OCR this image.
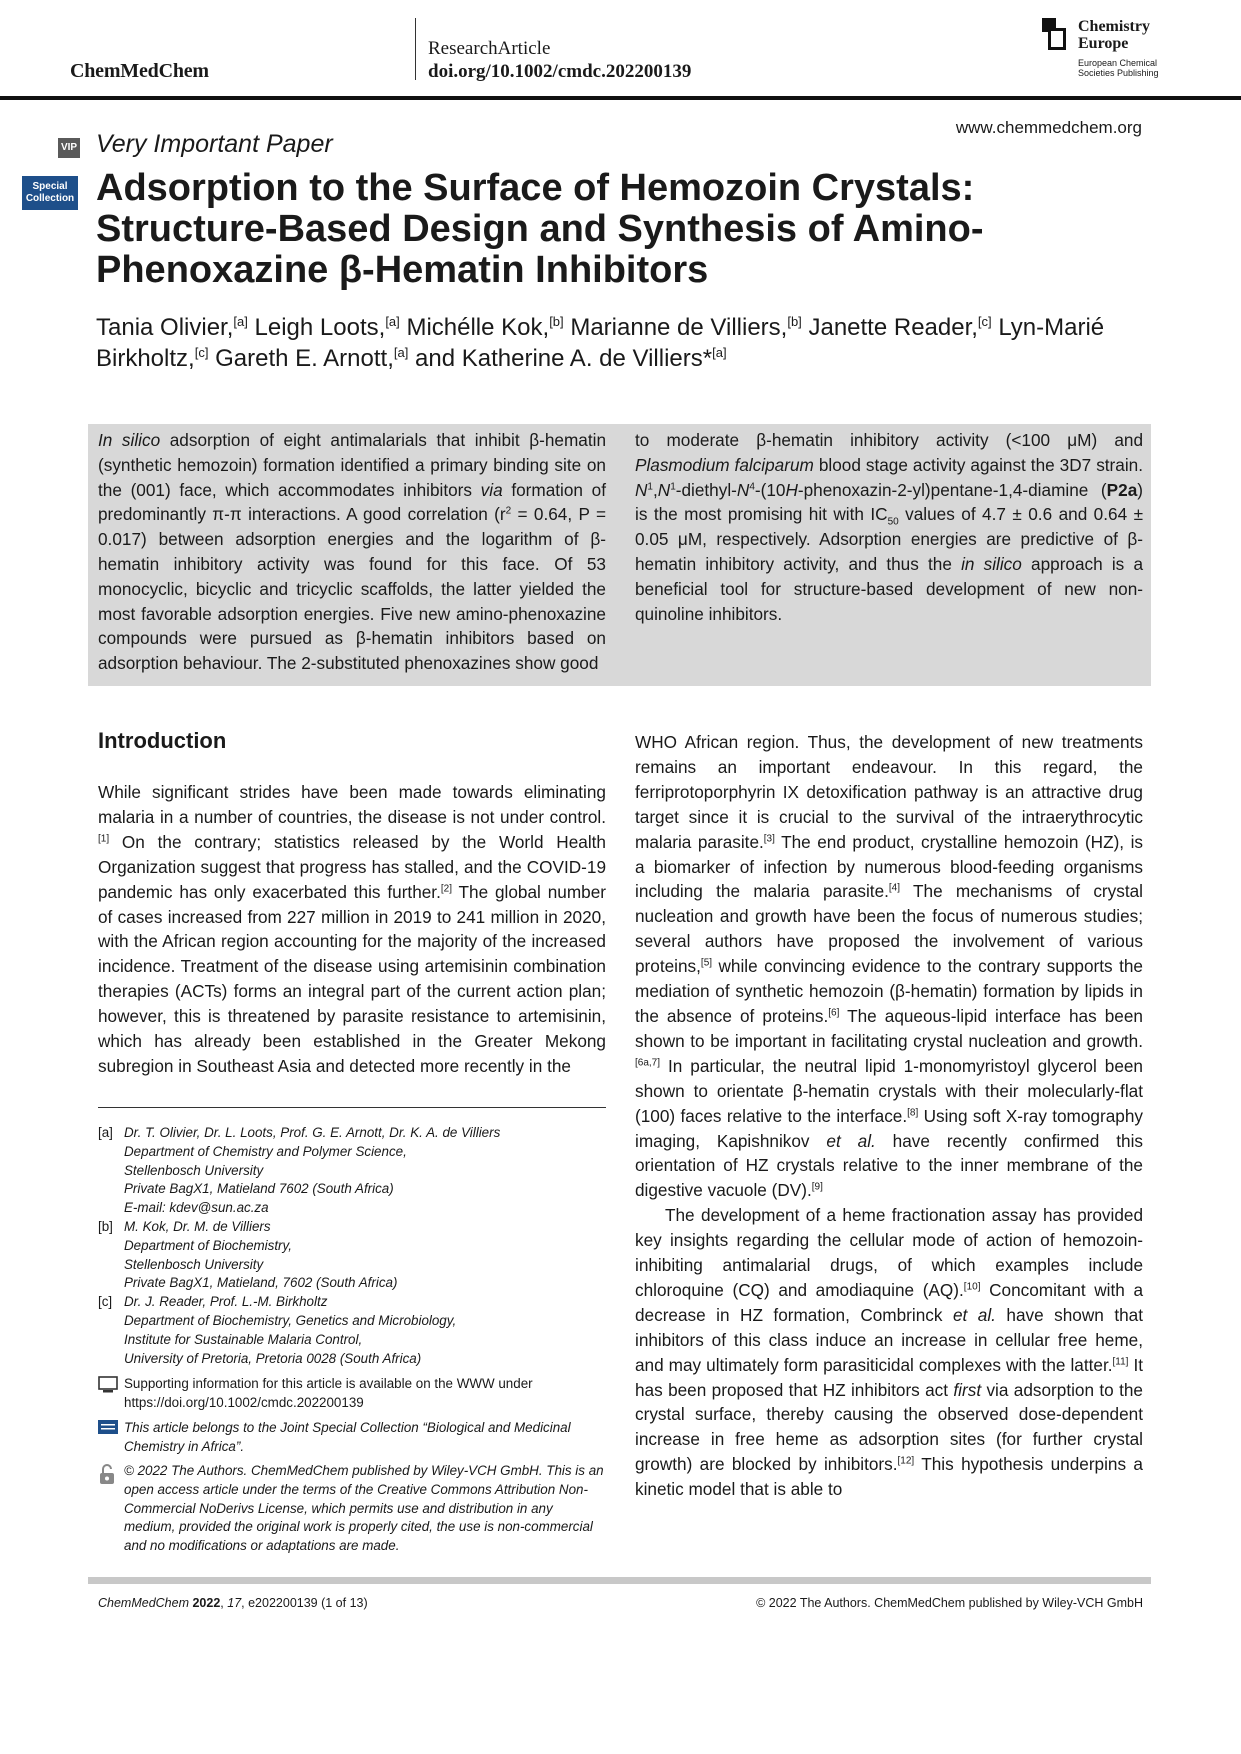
ChemMedChem
ResearchArticle
doi.org/10.1002/cmdc.202200139
Chemistry
Europe
European Chemical
Societies Publishing
www.chemmedchem.org
VIP Very Important Paper
Special
Collection Adsorption to the Surface of Hemozoin Crystals: Structure-Based Design and Synthesis of Amino-Phenoxazine β-Hematin Inhibitors
Tania Olivier,[a] Leigh Loots,[a] Michélle Kok,[b] Marianne de Villiers,[b] Janette Reader,[c] Lyn-Marié Birkholtz,[c] Gareth E. Arnott,[a] and Katherine A. de Villiers*[a]
In silico adsorption of eight antimalarials that inhibit β-hematin (synthetic hemozoin) formation identified a primary binding site on the (001) face, which accommodates inhibitors via formation of predominantly π-π interactions. A good correlation ($r^2 = 0.64$, P = 0.017) between adsorption energies and the logarithm of β-hematin inhibitory activity was found for this face. Of 53 monocyclic, bicyclic and tricyclic scaffolds, the latter yielded the most favorable adsorption energies. Five new amino-phenoxazine compounds were pursued as β-hematin inhibitors based on adsorption behaviour. The 2-substituted phenoxazines show good
to moderate β-hematin inhibitory activity (<100 μM) and Plasmodium falciparum blood stage activity against the 3D7 strain. $N^1,N^1-diethyl-N^4-(10H-phenoxazin-2-yl)pentane-1,4$-diamine (P2a) is the most promising hit with $IC_{50}$ values of 4.7 ± 0.6 and 0.64 ± 0.05 μM, respectively. Adsorption energies are predictive of β-hematin inhibitory activity, and thus the in silico approach is a beneficial tool for structure-based development of new non-quinoline inhibitors.
Introduction
While significant strides have been made towards eliminating malaria in a number of countries, the disease is not under control.[1] On the contrary; statistics released by the World Health Organization suggest that progress has stalled, and the COVID-19 pandemic has only exacerbated this further.[2] The global number of cases increased from 227 million in 2019 to 241 million in 2020, with the African region accounting for the majority of the increased incidence. Treatment of the disease using artemisinin combination therapies (ACTs) forms an integral part of the current action plan; however, this is threatened by parasite resistance to artemisinin, which has already been established in the Greater Mekong subregion in Southeast Asia and detected more recently in the
WHO African region. Thus, the development of new treatments remains an important endeavour. In this regard, the ferriprotoporphyrin IX detoxification pathway is an attractive drug target since it is crucial to the survival of the intraerythrocytic malaria parasite.[3] The end product, crystalline hemozoin (HZ), is a biomarker of infection by numerous blood-feeding organisms including the malaria parasite.[4] The mechanisms of crystal nucleation and growth have been the focus of numerous studies; several authors have proposed the involvement of various proteins,[5] while convincing evidence to the contrary supports the mediation of synthetic hemozoin (β-hematin) formation by lipids in the absence of proteins.[6] The aqueous-lipid interface has been shown to be important in facilitating crystal nucleation and growth.[6a,7] In particular, the neutral lipid 1-monomyristoyl glycerol been shown to orientate β-hematin crystals with their molecularly-flat (100) faces relative to the interface.[8] Using soft X-ray tomography imaging, Kapishnikov et al. have recently confirmed this orientation of HZ crystals relative to the inner membrane of the digestive vacuole (DV).[9]
The development of a heme fractionation assay has provided key insights regarding the cellular mode of action of hemozoin-inhibiting antimalarial drugs, of which examples include chloroquine (CQ) and amodiaquine (AQ).[10] Concomitant with a decrease in HZ formation, Combrinck et al. have shown that inhibitors of this class induce an increase in cellular free heme, and may ultimately form parasiticidal complexes with the latter.[11] It has been proposed that HZ inhibitors act first via adsorption to the crystal surface, thereby causing the observed dose-dependent increase in free heme as adsorption sites (for further crystal growth) are blocked by inhibitors.[12] This hypothesis underpins a kinetic model that is able to
[a] Dr. T. Olivier, Dr. L. Loots, Prof. G. E. Arnott, Dr. K. A. de Villiers
Department of Chemistry and Polymer Science,
Stellenbosch University
Private BagX1, Matieland 7602 (South Africa)
E-mail: kdev@sun.ac.za
[b] M. Kok, Dr. M. de Villiers
Department of Biochemistry,
Stellenbosch University
Private BagX1, Matieland, 7602 (South Africa)
[c] Dr. J. Reader, Prof. L.-M. Birkholtz
Department of Biochemistry, Genetics and Microbiology,
Institute for Sustainable Malaria Control,
University of Pretoria, Pretoria 0028 (South Africa)
Supporting information for this article is available on the WWW under https://doi.org/10.1002/cmdc.202200139
This article belongs to the Joint Special Collection “Biological and Medicinal Chemistry in Africa”.
© 2022 The Authors. ChemMedChem published by Wiley-VCH GmbH. This is an open access article under the terms of the Creative Commons Attribution Non-Commercial NoDerivs License, which permits use and distribution in any medium, provided the original work is properly cited, the use is non-commercial and no modifications or adaptations are made.
ChemMedChem 2022, 17, e202200139 (1 of 13)	© 2022 The Authors. ChemMedChem published by Wiley-VCH GmbH
